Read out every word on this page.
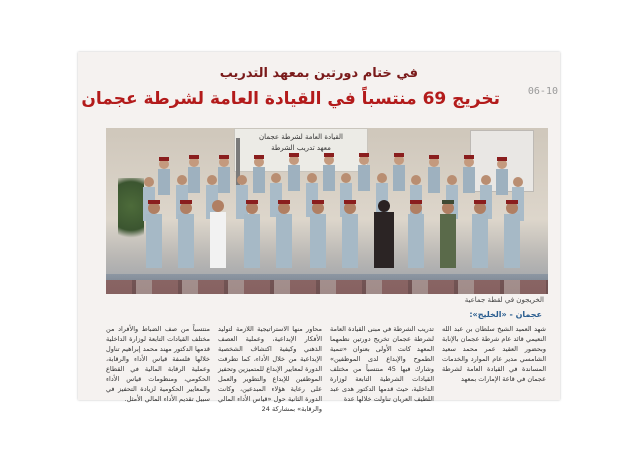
06-10
في ختام دورتين بمعهد التدريب
تخريج 69 منتسباً في القيادة العامة لشرطة عجمان
القيادة العامة لشرطة عجمان
معهد تدريب الشرطة
الخريجون في لقطة جماعية
عجمان - «الخليج»:

شهد العميد الشيخ سلطان بن عبد الله النعيمي قائد عام شرطة عجمان بالإنابة وبحضور العقيد عمر محمد سعيد الشامسي مدير عام الموارد والخدمات المساندة في القيادة العامة لشرطة عجمان في قاعة الإمارات بمعهد

تدريب الشرطة في مبنى القيادة العامة لشرطة عجمان تخريج دورتين نظمهما المعهد كانت الأولى بعنوان «تنمية الطموح والإبداع لدى الموظفين» وشارك فيها 45 منتسباً من مختلف القيادات الشرطية التابعة لوزارة الداخلية، حيث قدمها الدكتور هدى عبد اللطيف العريان تناولت خلالها عدة

محاور منها الاستراتيجية اللازمة لتوليد الأفكار الإبداعية، وعملية العصف الذهني وكيفية اكتشاف الشخصية الإبداعية من خلال الأداء، كما تطرقت الدورة لمعايير الإبداع للمتميزين وتحفيز الموظفين للإبداع والتطوير والعمل على رعاية هؤلاء المبدعين، وكانت الدورة الثانية حول «قياس الأداء المالي والرقابة» بمشاركة 24

منتسباً من صف الضباط والأفراد من مختلف القيادات التابعة لوزارة الداخلية قدمها الدكتور مهند محمد إبراهيم تناول خلالها فلسفة قياس الأداء والرقابة، وعملية الرقابة المالية في القطاع الحكومي، ومنظومات قياس الأداء والمعايير الحكومية لزيادة التحفيز في سبيل تقديم الأداء المالي الأمثل.
